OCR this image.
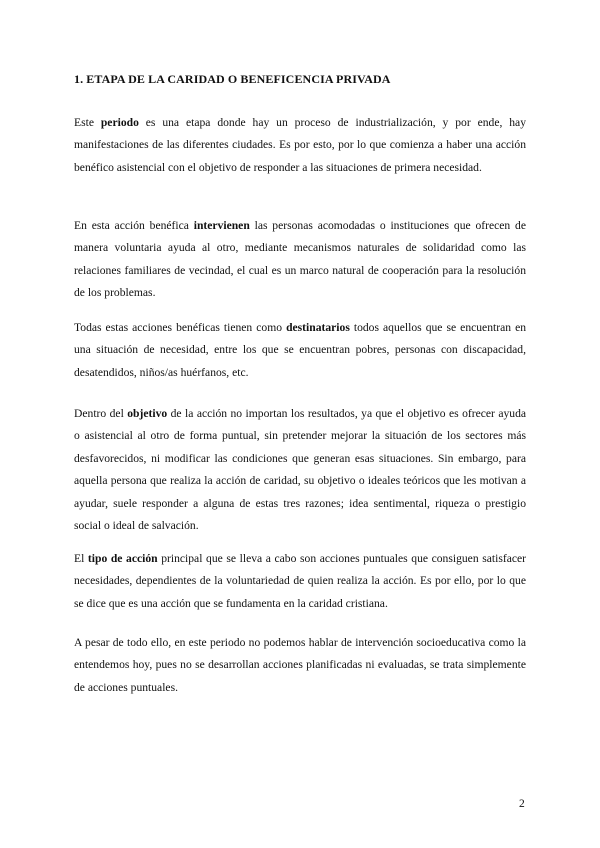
1. ETAPA DE LA CARIDAD O BENEFICENCIA PRIVADA

Este periodo es una etapa donde hay un proceso de industrialización, y por ende, hay manifestaciones de las diferentes ciudades. Es por esto, por lo que comienza a haber una acción benéfico asistencial con el objetivo de responder a las situaciones de primera necesidad.

En esta acción benéfica intervienen las personas acomodadas o instituciones que ofrecen de manera voluntaria ayuda al otro, mediante mecanismos naturales de solidaridad como las relaciones familiares de vecindad, el cual es un marco natural de cooperación para la resolución de los problemas.

Todas estas acciones benéficas tienen como destinatarios todos aquellos que se encuentran en una situación de necesidad, entre los que se encuentran pobres, personas con discapacidad, desatendidos, niños/as huérfanos, etc.

Dentro del objetivo de la acción no importan los resultados, ya que el objetivo es ofrecer ayuda o asistencial al otro de forma puntual, sin pretender mejorar la situación de los sectores más desfavorecidos, ni modificar las condiciones que generan esas situaciones. Sin embargo, para aquella persona que realiza la acción de caridad, su objetivo o ideales teóricos que les motivan a ayudar, suele responder a alguna de estas tres razones; idea sentimental, riqueza o prestigio social o ideal de salvación.

El tipo de acción principal que se lleva a cabo son acciones puntuales que consiguen satisfacer necesidades, dependientes de la voluntariedad de quien realiza la acción. Es por ello, por lo que se dice que es una acción que se fundamenta en la caridad cristiana.

A pesar de todo ello, en este periodo no podemos hablar de intervención socioeducativa como la entendemos hoy, pues no se desarrollan acciones planificadas ni evaluadas, se trata simplemente de acciones puntuales.

2
